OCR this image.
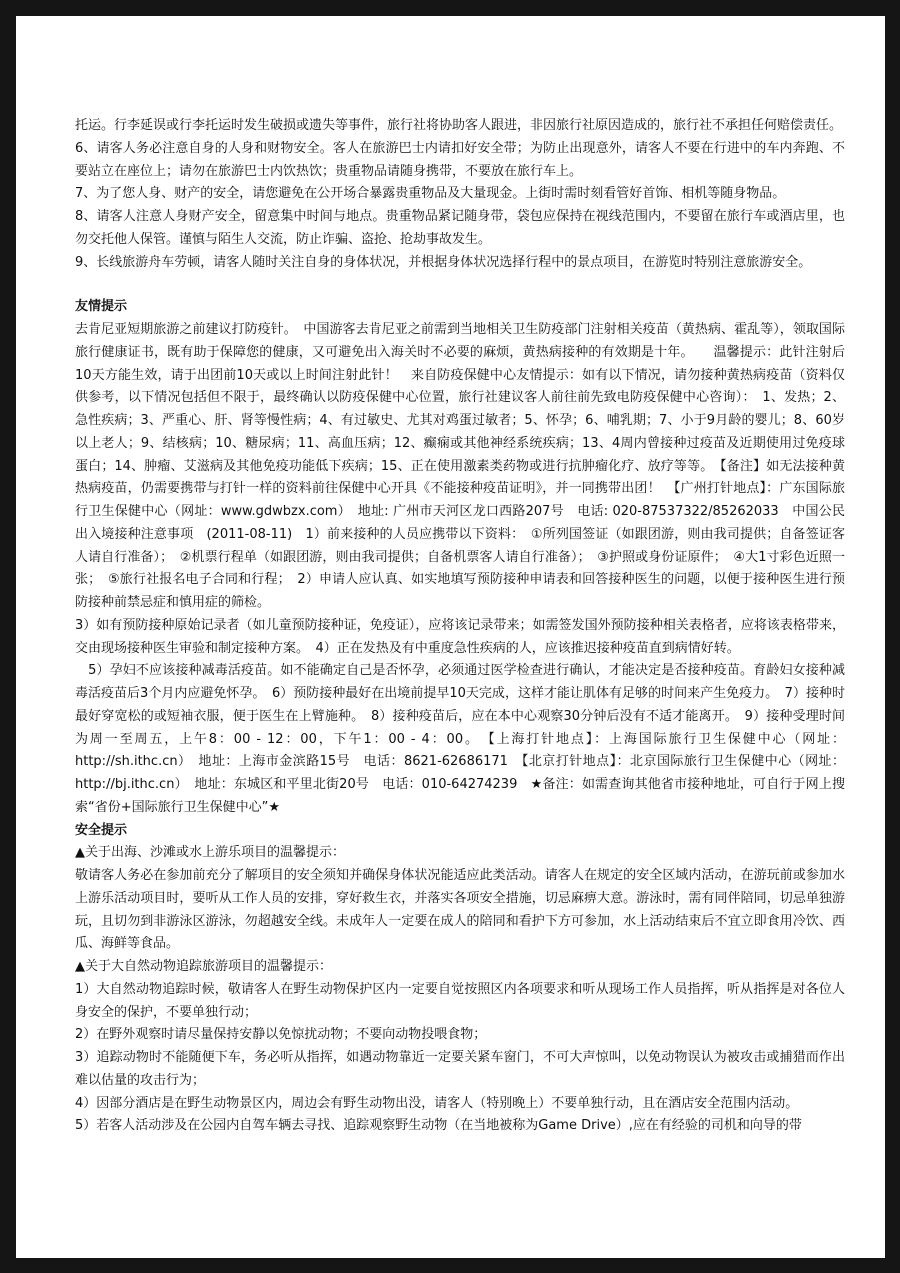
托运。行李延误或行李托运时发生破损或遗失等事件，旅行社将协助客人跟进，非因旅行社原因造成的，旅行社不承担任何赔偿责任。

6、请客人务必注意自身的人身和财物安全。客人在旅游巴士内请扣好安全带；为防止出现意外，请客人不要在行进中的车内奔跑、不要站立在座位上；请勿在旅游巴士内饮热饮；贵重物品请随身携带，不要放在旅行车上。

7、为了您人身、财产的安全，请您避免在公开场合暴露贵重物品及大量现金。上街时需时刻看管好首饰、相机等随身物品。

8、请客人注意人身财产安全，留意集中时间与地点。贵重物品紧记随身带，袋包应保持在视线范围内，不要留在旅行车或酒店里，也勿交托他人保管。谨慎与陌生人交流，防止诈骗、盗抢、抢劫事故发生。

9、长线旅游舟车劳顿，请客人随时关注自身的身体状况，并根据身体状况选择行程中的景点项目，在游览时特别注意旅游安全。

友情提示

去肯尼亚短期旅游之前建议打防疫针。　中国游客去肯尼亚之前需到当地相关卫生防疫部门注射相关疫苗（黄热病、霍乱等），领取国际旅行健康证书，既有助于保障您的健康，又可避免出入海关时不必要的麻烦，黄热病接种的有效期是十年。　　温馨提示：此针注射后10天方能生效，请于出团前10天或以上时间注射此针！　来自防疫保健中心友情提示：如有以下情况，请勿接种黄热病疫苗（资料仅供参考，以下情况包括但不限于，最终确认以防疫保健中心位置，旅行社建议客人前往前先致电防疫保健中心咨询）：　1、发热；2、急性疾病；3、严重心、肝、肾等慢性病；4、有过敏史、尤其对鸡蛋过敏者；5、怀孕；6、哺乳期；7、小于9月龄的婴儿；8、60岁以上老人；9、结核病；10、糖尿病；11、高血压病；12、癫痫或其他神经系统疾病；13、4周内曾接种过疫苗及近期使用过免疫球蛋白；14、肿瘤、艾滋病及其他免疫功能低下疾病；15、正在使用激素类药物或进行抗肿瘤化疗、放疗等等。　【备注】如无法接种黄热病疫苗，仍需要携带与打针一样的资料前往保健中心开具《不能接种疫苗证明》，并一同携带出团！　【广州打针地点】：广东国际旅行卫生保健中心（网址：www.gdwbzx.com）　地址: 广州市天河区龙口西路207号　电话: 020-87537322/85262033　中国公民出入境接种注意事项　(2011-08-11)　1）前来接种的人员应携带以下资料：　①所列国签证（如跟团游，则由我司提供；自备签证客人请自行准备）；　②机票行程单（如跟团游，则由我司提供；自备机票客人请自行准备）；　③护照或身份证原件；　④大1寸彩色近照一张；　⑤旅行社报名电子合同和行程；　2）申请人应认真、如实地填写预防接种申请表和回答接种医生的问题，以便于接种医生进行预防接种前禁忌症和慎用症的筛检。

3）如有预防接种原始记录者（如儿童预防接种证，免疫证），应将该记录带来；如需签发国外预防接种相关表格者，应将该表格带来，交由现场接种医生审验和制定接种方案。　4）正在发热及有中重度急性疾病的人，应该推迟接种疫苗直到病情好转。

　5）孕妇不应该接种减毒活疫苗。如不能确定自己是否怀孕，必须通过医学检查进行确认，才能决定是否接种疫苗。育龄妇女接种减毒活疫苗后3个月内应避免怀孕。　6）预防接种最好在出境前提早10天完成，这样才能让肌体有足够的时间来产生免疫力。　7）接种时最好穿宽松的或短袖衣服，便于医生在上臂施种。　8）接种疫苗后，应在本中心观察30分钟后没有不适才能离开。　9）接种受理时间为周一至周五，上午8：00 - 12：00，下午1：00 - 4：00。　【上海打针地点】：上海国际旅行卫生保健中心（网址：http://sh.ithc.cn）　地址：上海市金滨路15号　电话：8621-62686171　【北京打针地点】：北京国际旅行卫生保健中心（网址：http://bj.ithc.cn）　地址：东城区和平里北街20号　电话：010-64274239　★备注：如需查询其他省市接种地址，可自行于网上搜索“省份+国际旅行卫生保健中心”★

安全提示

▲关于出海、沙滩或水上游乐项目的温馨提示：

敬请客人务必在参加前充分了解项目的安全须知并确保身体状况能适应此类活动。请客人在规定的安全区域内活动，在游玩前或参加水上游乐活动项目时，要听从工作人员的安排，穿好救生衣，并落实各项安全措施，切忌麻痹大意。游泳时，需有同伴陪同，切忌单独游玩，且切勿到非游泳区游泳，勿超越安全线。未成年人一定要在成人的陪同和看护下方可参加，水上活动结束后不宜立即食用冷饮、西瓜、海鲜等食品。

▲关于大自然动物追踪旅游项目的温馨提示：

1）大自然动物追踪时候，敬请客人在野生动物保护区内一定要自觉按照区内各项要求和听从现场工作人员指挥，听从指挥是对各位人身安全的保护，不要单独行动；

2）在野外观察时请尽量保持安静以免惊扰动物；不要向动物投喂食物；

3）追踪动物时不能随便下车，务必听从指挥，如遇动物靠近一定要关紧车窗门，不可大声惊叫，以免动物误认为被攻击或捕猎而作出难以估量的攻击行为；

4）因部分酒店是在野生动物景区内，周边会有野生动物出没，请客人（特别晚上）不要单独行动，且在酒店安全范围内活动。

5）若客人活动涉及在公园内自驾车辆去寻找、追踪观察野生动物（在当地被称为Game Drive）,应在有经验的司机和向导的带
